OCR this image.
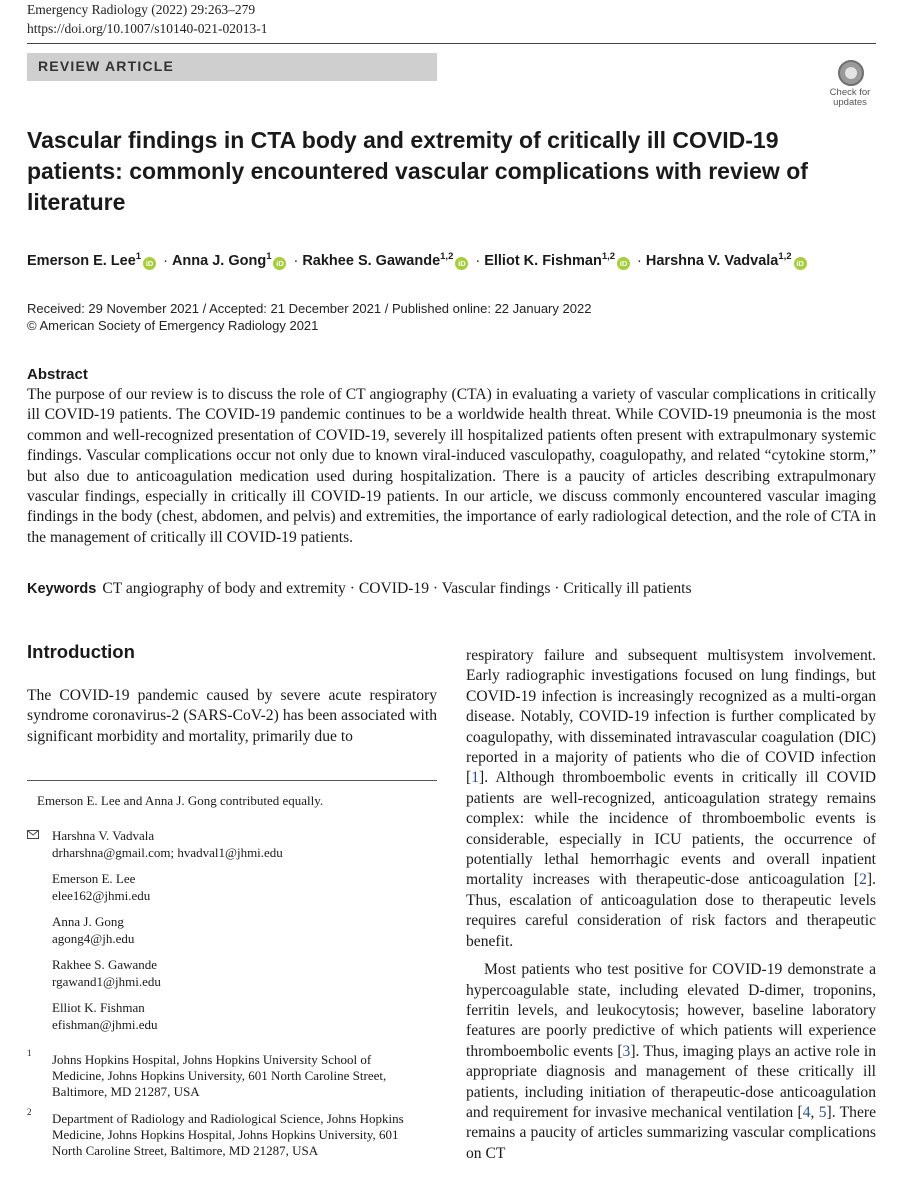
Emergency Radiology (2022) 29:263–279
https://doi.org/10.1007/s10140-021-02013-1
REVIEW ARTICLE
Check for
updates
Vascular findings in CTA body and extremity of critically ill COVID-19 patients: commonly encountered vascular complications with review of literature
Emerson E. Lee$^1$iD · Anna J. Gong$^1$iD · Rakhee S. Gawande$^{1,2}$iD · Elliot K. Fishman$^{1,2}$iD · Harshna V. Vadvala$^{1,2}$iD
Received: 29 November 2021 / Accepted: 21 December 2021 / Published online: 22 January 2022
© American Society of Emergency Radiology 2021
Abstract
The purpose of our review is to discuss the role of CT angiography (CTA) in evaluating a variety of vascular complications in critically ill COVID-19 patients. The COVID-19 pandemic continues to be a worldwide health threat. While COVID-19 pneumonia is the most common and well-recognized presentation of COVID-19, severely ill hospitalized patients often present with extrapulmonary systemic findings. Vascular complications occur not only due to known viral-induced vasculopathy, coagulopathy, and related “cytokine storm,” but also due to anticoagulation medication used during hospitalization. There is a paucity of articles describing extrapulmonary vascular findings, especially in critically ill COVID-19 patients. In our article, we discuss commonly encountered vascular imaging findings in the body (chest, abdomen, and pelvis) and extremities, the importance of early radiological detection, and the role of CTA in the management of critically ill COVID-19 patients.
Keywords CT angiography of body and extremity · COVID-19 · Vascular findings · Critically ill patients
Introduction
The COVID-19 pandemic caused by severe acute respiratory syndrome coronavirus-2 (SARS-CoV-2) has been associated with significant morbidity and mortality, primarily due to
Emerson E. Lee and Anna J. Gong contributed equally.
Harshna V. Vadvala
drharshna@gmail.com; hvadval1@jhmi.edu
Emerson E. Lee
elee162@jhmi.edu
Anna J. Gong
agong4@jh.edu
Rakhee S. Gawande
rgawand1@jhmi.edu
Elliot K. Fishman
efishman@jhmi.edu
1 Johns Hopkins Hospital, Johns Hopkins University School of Medicine, Johns Hopkins University, 601 North Caroline Street, Baltimore, MD 21287, USA
2 Department of Radiology and Radiological Science, Johns Hopkins Medicine, Johns Hopkins Hospital, Johns Hopkins University, 601 North Caroline Street, Baltimore, MD 21287, USA

respiratory failure and subsequent multisystem involvement. Early radiographic investigations focused on lung findings, but COVID-19 infection is increasingly recognized as a multi-organ disease. Notably, COVID-19 infection is further complicated by coagulopathy, with disseminated intravascular coagulation (DIC) reported in a majority of patients who die of COVID infection [1]. Although thromboembolic events in critically ill COVID patients are well-recognized, anticoagulation strategy remains complex: while the incidence of thromboembolic events is considerable, especially in ICU patients, the occurrence of potentially lethal hemorrhagic events and overall inpatient mortality increases with therapeutic-dose anticoagulation [2]. Thus, escalation of anticoagulation dose to therapeutic levels requires careful consideration of risk factors and therapeutic benefit.

Most patients who test positive for COVID-19 demonstrate a hypercoagulable state, including elevated D-dimer, troponins, ferritin levels, and leukocytosis; however, baseline laboratory features are poorly predictive of which patients will experience thromboembolic events [3]. Thus, imaging plays an active role in appropriate diagnosis and management of these critically ill patients, including initiation of therapeutic-dose anticoagulation and requirement for invasive mechanical ventilation [4, 5]. There remains a paucity of articles summarizing vascular complications on CT
